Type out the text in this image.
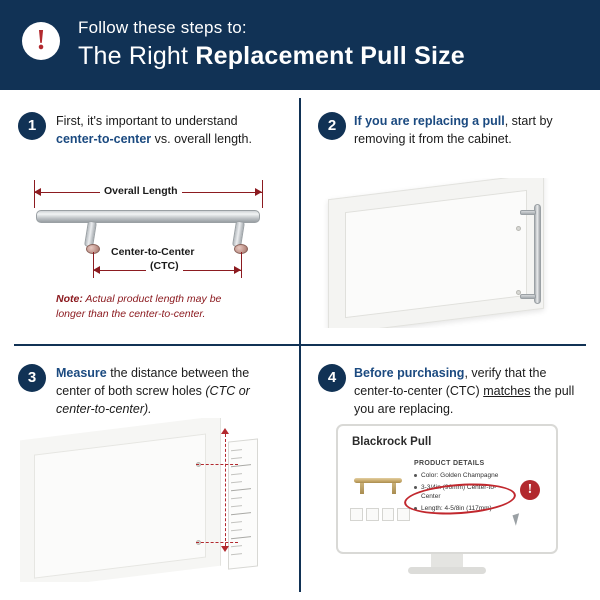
!	Follow these steps to:
The Right Replacement Pull Size
1	First, it's important to understand center-to-center vs. overall length.
Overall Length
Center-to-Center
(CTC)
Note: Actual product length may be
longer than the center-to-center.
2	If you are replacing a pull, start by removing it from the cabinet.
3	Measure the distance between the center of both screw holes (CTC or center-to-center).
4	Before purchasing, verify that the center-to-center (CTC) matches the pull you are replacing.
Blackrock Pull
PRODUCT DETAILS
Color: Golden Champagne
3-3/4in (96mm) Center-to-Center
Length: 4-5/8in (117mm)
!
